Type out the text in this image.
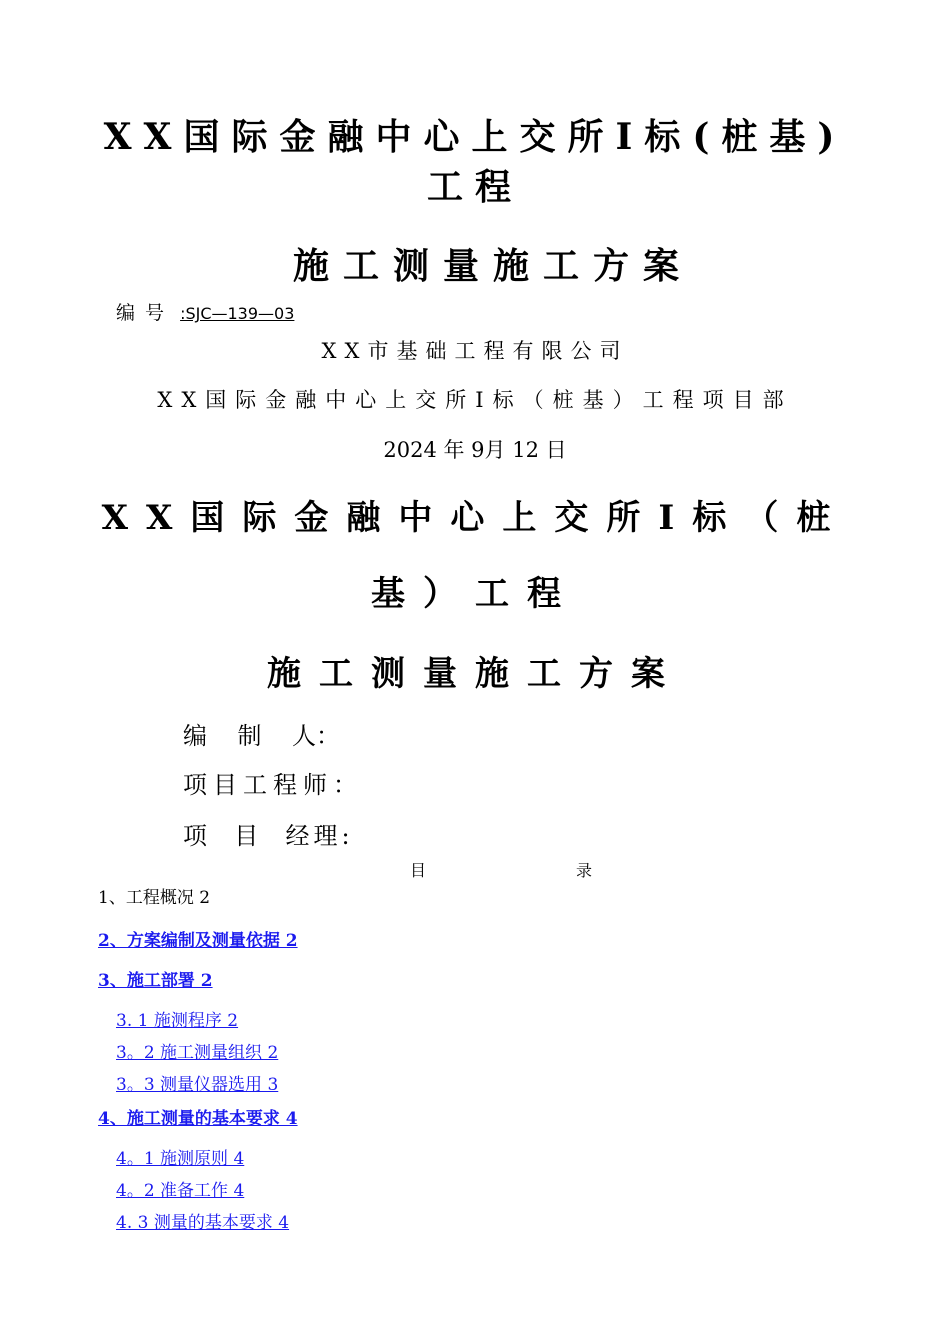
XX国际金融中心上交所I标(桩基)
工程
施工测量施工方案
编号 :SJC—139—03
XX市基础工程有限公司
XX国际金融中心上交所I标（桩基）工程项目部
2024 年 9月 12 日
XX国际金融中心上交所I标（桩
基）工程
施工测量施工方案
编    制    人：
项目工程师：
项  目  经理:
目	录
1、工程概况 2
2、方案编制及测量依据 2
3、施工部署 2
3. 1 施测程序 2
3。2 施工测量组织 2
3。3 测量仪器选用 3
4、施工测量的基本要求 4
4。1 施测原则 4
4。2 准备工作 4
4. 3 测量的基本要求 4
